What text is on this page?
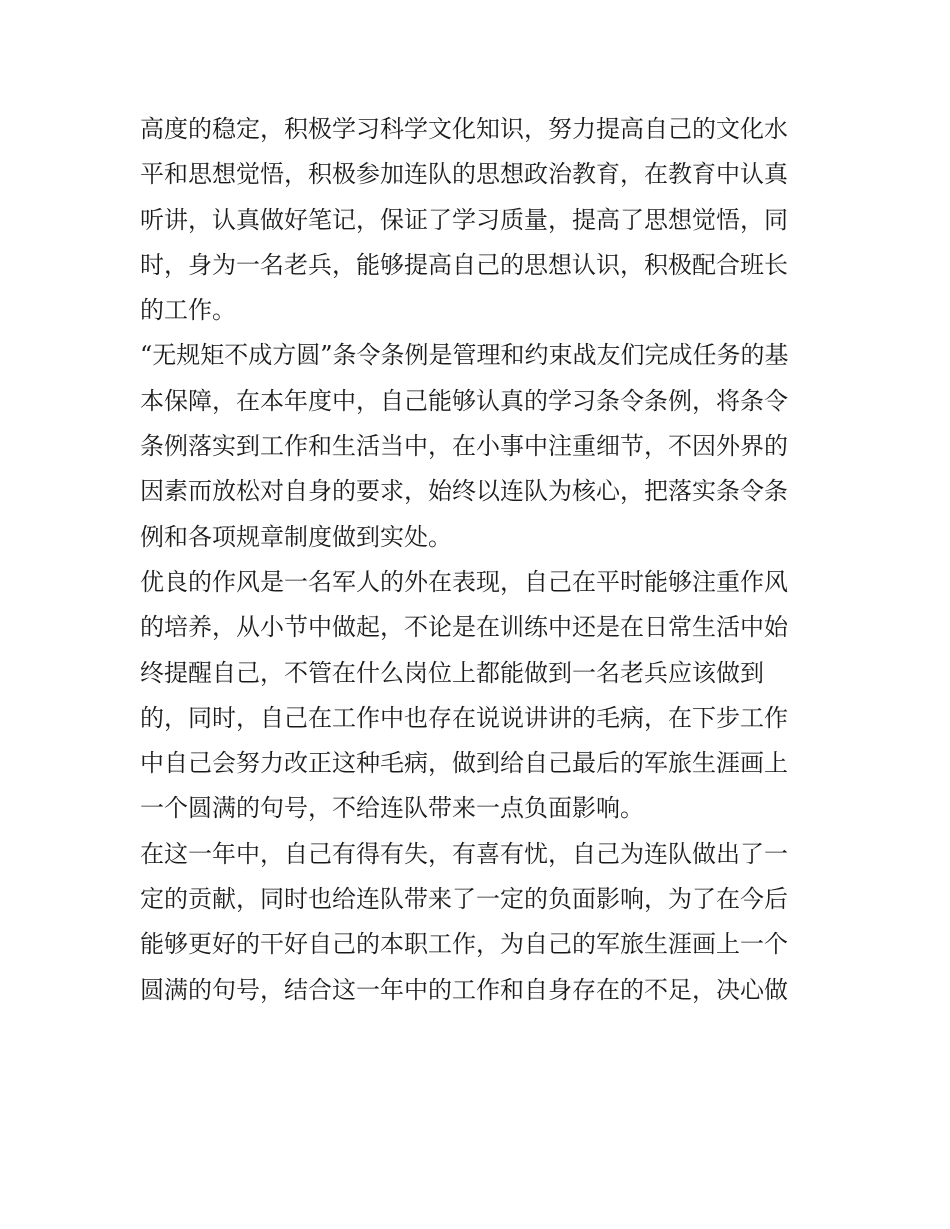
高度的稳定，积极学习科学文化知识，努力提高自己的文化水
平和思想觉悟，积极参加连队的思想政治教育，在教育中认真
听讲，认真做好笔记，保证了学习质量，提高了思想觉悟，同
时，身为一名老兵，能够提高自己的思想认识，积极配合班长
的工作。
“无规矩不成方圆”条令条例是管理和约束战友们完成任务的基
本保障，在本年度中，自己能够认真的学习条令条例，将条令
条例落实到工作和生活当中，在小事中注重细节，不因外界的
因素而放松对自身的要求，始终以连队为核心，把落实条令条
例和各项规章制度做到实处。
优良的作风是一名军人的外在表现，自己在平时能够注重作风
的培养，从小节中做起，不论是在训练中还是在日常生活中始
终提醒自己，不管在什么岗位上都能做到一名老兵应该做到
的，同时，自己在工作中也存在说说讲讲的毛病，在下步工作
中自己会努力改正这种毛病，做到给自己最后的军旅生涯画上
一个圆满的句号，不给连队带来一点负面影响。
在这一年中，自己有得有失，有喜有忧，自己为连队做出了一
定的贡献，同时也给连队带来了一定的负面影响，为了在今后
能够更好的干好自己的本职工作，为自己的军旅生涯画上一个
圆满的句号，结合这一年中的工作和自身存在的不足，决心做
